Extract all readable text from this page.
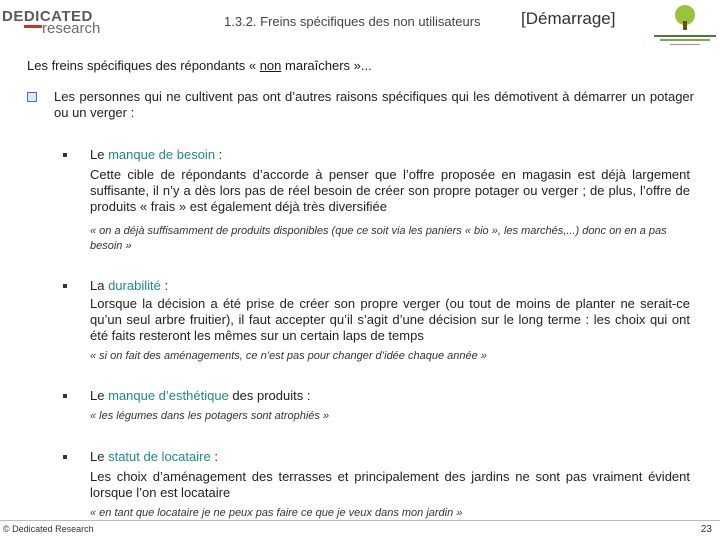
DEDICATED
research	1.3.2. Freins spécifiques des non utilisateurs [Démarrage]
Les freins spécifiques des répondants « non maraîchers »...
Les personnes qui ne cultivent pas ont d’autres raisons spécifiques qui les démotivent à démarrer un potager ou un verger :
Le manque de besoin :
Cette cible de répondants d’accorde à penser que l’offre proposée en magasin est déjà largement suffisante, il n’y a dès lors pas de réel besoin de créer son propre potager ou verger ; de plus, l’offre de produits « frais » est également déjà très diversifiée
« on a déjà suffisamment de produits disponibles (que ce soit via les paniers « bio », les marchés,...) donc on en a pas besoin »
La durabilité :
Lorsque la décision a été prise de créer son propre verger (ou tout de moins de planter ne serait-ce qu’un seul arbre fruitier), il faut accepter qu’il s’agit d’une décision sur le long terme : les choix qui ont été faits resteront les mêmes sur un certain laps de temps
« si on fait des aménagements, ce n’est pas pour changer d’idée chaque année »
Le manque d’esthétique des produits :
« les légumes dans les potagers sont atrophiés »
Le statut de locataire :
Les choix d’aménagement des terrasses et principalement des jardins ne sont pas vraiment évident lorsque l’on est locataire
« en tant que locataire je ne peux pas faire ce que je veux dans mon jardin »
© Dedicated Research	23
